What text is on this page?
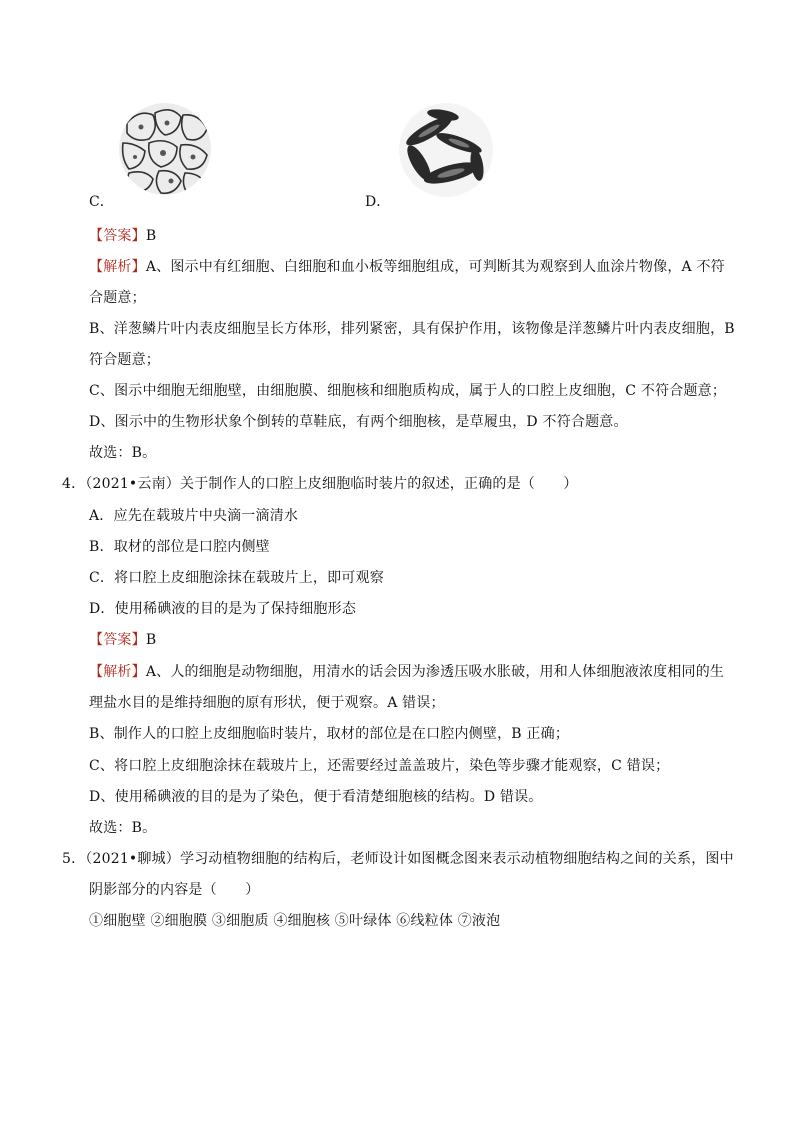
C．	D．
【答案】B
【解析】A、图示中有红细胞、白细胞和血小板等细胞组成，可判断其为观察到人血涂片物像，A 不符
合题意；
B、洋葱鳞片叶内表皮细胞呈长方体形，排列紧密，具有保护作用，该物像是洋葱鳞片叶内表皮细胞，B
符合题意；
C、图示中细胞无细胞壁，由细胞膜、细胞核和细胞质构成，属于人的口腔上皮细胞，C 不符合题意；
D、图示中的生物形状象个倒转的草鞋底，有两个细胞核，是草履虫，D 不符合题意。
故选：B。
4．（2021•云南）关于制作人的口腔上皮细胞临时装片的叙述，正确的是（　　）
A．应先在载玻片中央滴一滴清水
B．取材的部位是口腔内侧壁
C．将口腔上皮细胞涂抹在载玻片上，即可观察
D．使用稀碘液的目的是为了保持细胞形态
【答案】B
【解析】A、人的细胞是动物细胞，用清水的话会因为渗透压吸水胀破，用和人体细胞液浓度相同的生
理盐水目的是维持细胞的原有形状，便于观察。A 错误；
B、制作人的口腔上皮细胞临时装片，取材的部位是在口腔内侧壁，B 正确；
C、将口腔上皮细胞涂抹在载玻片上，还需要经过盖盖玻片，染色等步骤才能观察，C 错误；
D、使用稀碘液的目的是为了染色，便于看清楚细胞核的结构。D 错误。
故选：B。
5．（2021•聊城）学习动植物细胞的结构后，老师设计如图概念图来表示动植物细胞结构之间的关系，图中
阴影部分的内容是（　　）
①细胞壁 ②细胞膜 ③细胞质 ④细胞核 ⑤叶绿体 ⑥线粒体 ⑦液泡
